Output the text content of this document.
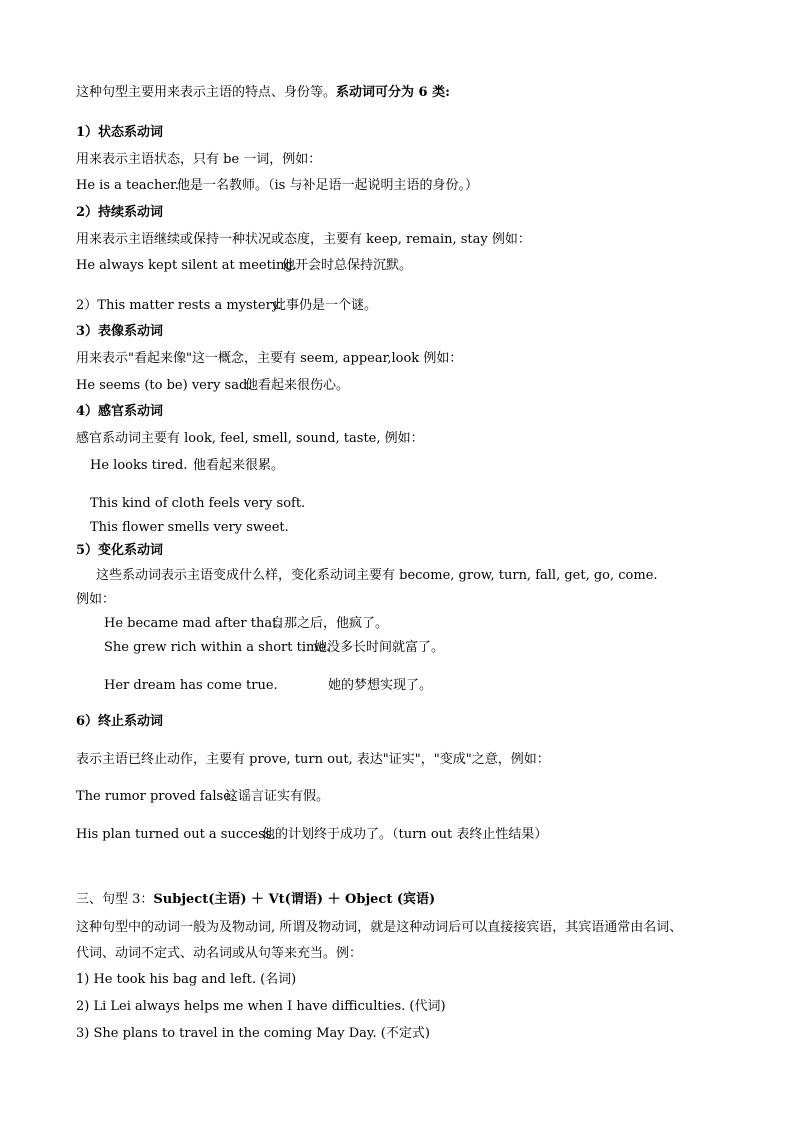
这种句型主要用来表示主语的特点、身份等。系动词可分为 6 类:
1）状态系动词
用来表示主语状态，只有 be 一词，例如：
He is a teacher.他是一名教师。（is 与补足语一起说明主语的身份。）
2）持续系动词
用来表示主语继续或保持一种状况或态度，主要有 keep, remain, stay 例如：
He always kept silent at meeting.他开会时总保持沉默。
2）This matter rests a mystery.此事仍是一个谜。
3）表像系动词
用来表示"看起来像"这一概念，主要有 seem, appear,look 例如：
He seems (to be) very sad.他看起来很伤心。
4）感官系动词
感官系动词主要有 look, feel, smell, sound, taste, 例如：
He looks tired. 他看起来很累。
This kind of cloth feels very soft.
This flower smells very sweet.
5）变化系动词
这些系动词表示主语变成什么样，变化系动词主要有 become, grow, turn, fall, get, go, come.
例如：
He became mad after that.自那之后，他疯了。
She grew rich within a short time.她没多长时间就富了。
Her dream has come true.	她的梦想实现了。
6）终止系动词
表示主语已终止动作，主要有 prove, turn out, 表达"证实"，"变成"之意，例如：
The rumor proved false.这谣言证实有假。
His plan turned out a success.他的计划终于成功了。（turn out 表终止性结果）
三、句型 3：Subject(主语) ＋ Vt(谓语) ＋ Object (宾语)
这种句型中的动词一般为及物动词, 所谓及物动词，就是这种动词后可以直接接宾语，其宾语通常由名词、
代词、动词不定式、动名词或从句等来充当。例：
1) He took his bag and left. (名词)
2) Li Lei always helps me when I have difficulties. (代词)
3) She plans to travel in the coming May Day. (不定式)
